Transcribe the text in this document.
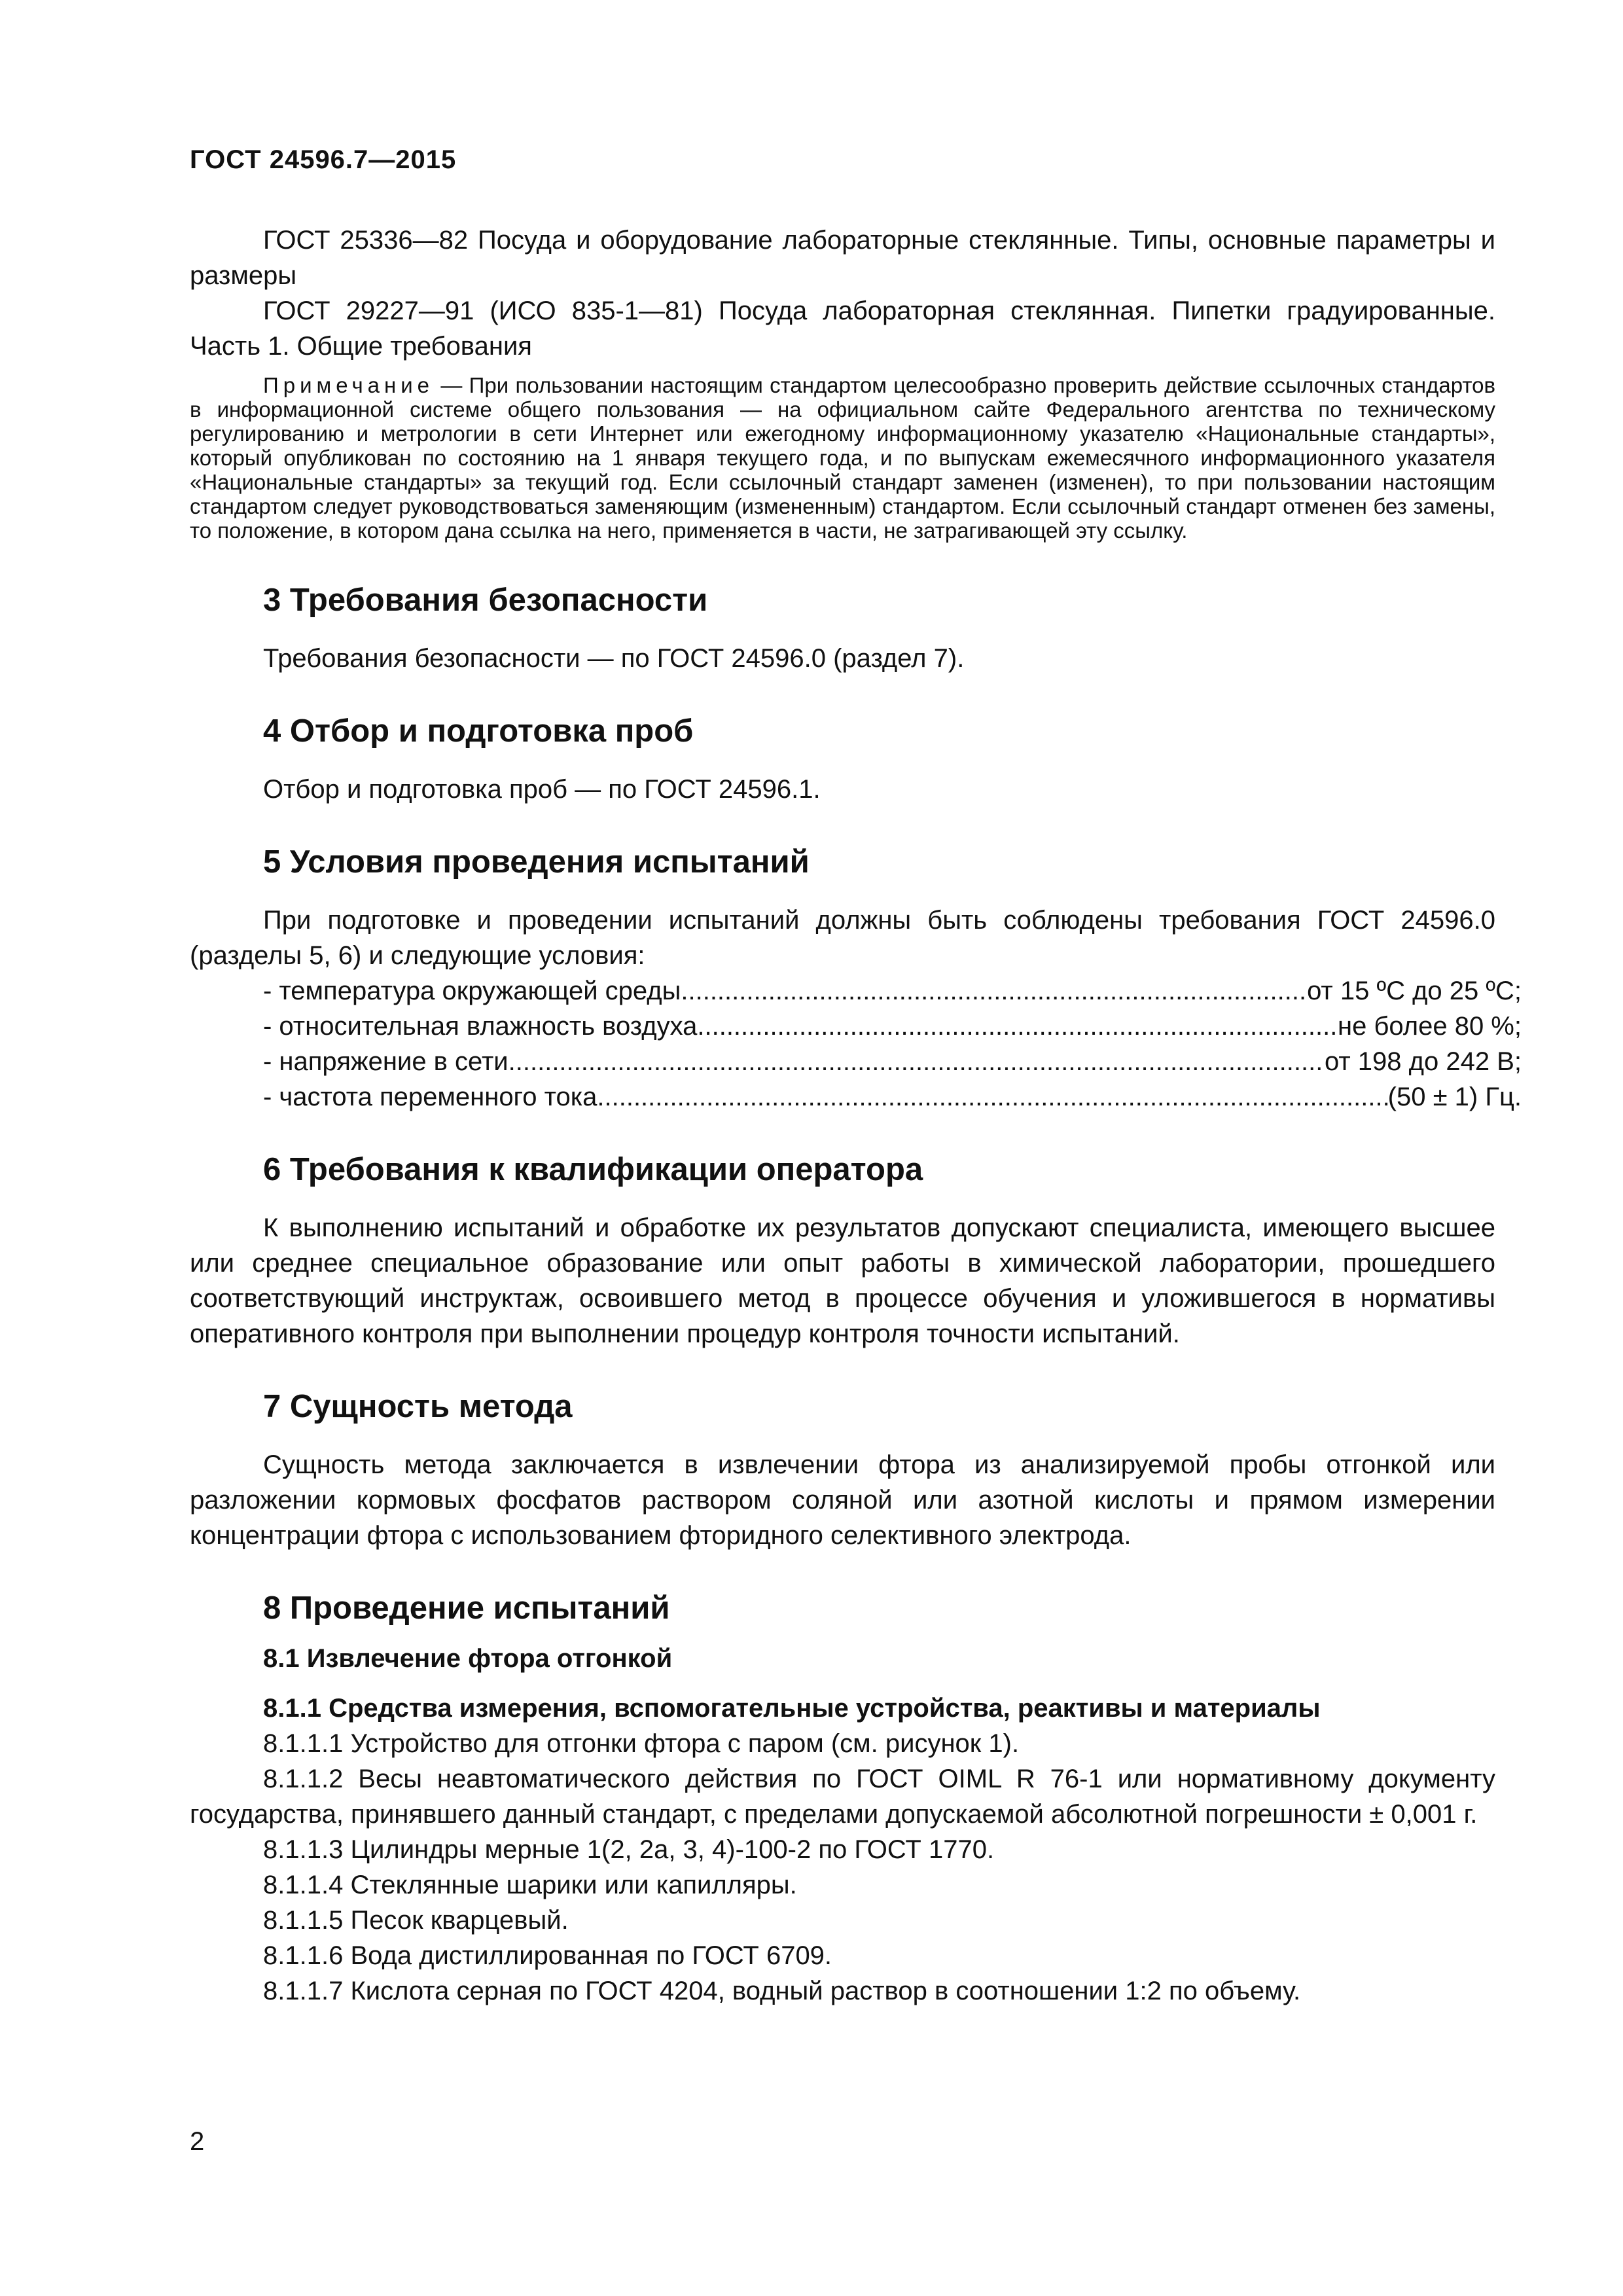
ГОСТ 24596.7—2015

ГОСТ 25336—82 Посуда и оборудование лабораторные стеклянные. Типы, основные параметры и размеры

ГОСТ 29227—91 (ИСО 835-1—81) Посуда лабораторная стеклянная. Пипетки градуированные. Часть 1. Общие требования

Примечание — При пользовании настоящим стандартом целесообразно проверить действие ссылочных стандартов в информационной системе общего пользования — на официальном сайте Федерального агентства по техническому регулированию и метрологии в сети Интернет или ежегодному информационному указателю «Национальные стандарты», который опубликован по состоянию на 1 января текущего года, и по выпускам ежемесячного информационного указателя «Национальные стандарты» за текущий год. Если ссылочный стандарт заменен (изменен), то при пользовании настоящим стандартом следует руководствоваться заменяющим (измененным) стандартом. Если ссылочный стандарт отменен без замены, то положение, в котором дана ссылка на него, применяется в части, не затрагивающей эту ссылку.

3 Требования безопасности

Требования безопасности — по ГОСТ 24596.0 (раздел 7).

4 Отбор и подготовка проб

Отбор и подготовка проб — по ГОСТ 24596.1.

5 Условия проведения испытаний

При подготовке и проведении испытаний должны быть соблюдены требования ГОСТ 24596.0 (разделы 5, 6) и следующие условия:

- температура окружающей среды .....	от 15 ºС до 25 ºС;
- относительная влажность воздуха .....	не более 80 %;
- напряжение в сети .....	от 198 до 242 В;
- частота переменного тока .....	(50 ± 1) Гц.
6 Требования к квалификации оператора

К выполнению испытаний и обработке их результатов допускают специалиста, имеющего высшее или среднее специальное образование или опыт работы в химической лаборатории, прошедшего соответствующий инструктаж, освоившего метод в процессе обучения и уложившегося в нормативы оперативного контроля при выполнении процедур контроля точности испытаний.

7 Сущность метода

Сущность метода заключается в извлечении фтора из анализируемой пробы отгонкой или разложении кормовых фосфатов раствором соляной или азотной кислоты и прямом измерении концентрации фтора с использованием фторидного селективного электрода.

8 Проведение испытаний
8.1 Извлечение фтора отгонкой
8.1.1 Средства измерения, вспомогательные устройства, реактивы и материалы

8.1.1.1 Устройство для отгонки фтора с паром (см. рисунок 1).

8.1.1.2 Весы неавтоматического действия по ГОСТ OIML R 76-1 или нормативному документу государства, принявшего данный стандарт, с пределами допускаемой абсолютной погрешности ± 0,001 г.

8.1.1.3 Цилиндры мерные 1(2, 2а, 3, 4)-100-2 по ГОСТ 1770.

8.1.1.4 Стеклянные шарики или капилляры.

8.1.1.5 Песок кварцевый.

8.1.1.6 Вода дистиллированная по ГОСТ 6709.

8.1.1.7 Кислота серная по ГОСТ 4204, водный раствор в соотношении 1:2 по объему.

2
